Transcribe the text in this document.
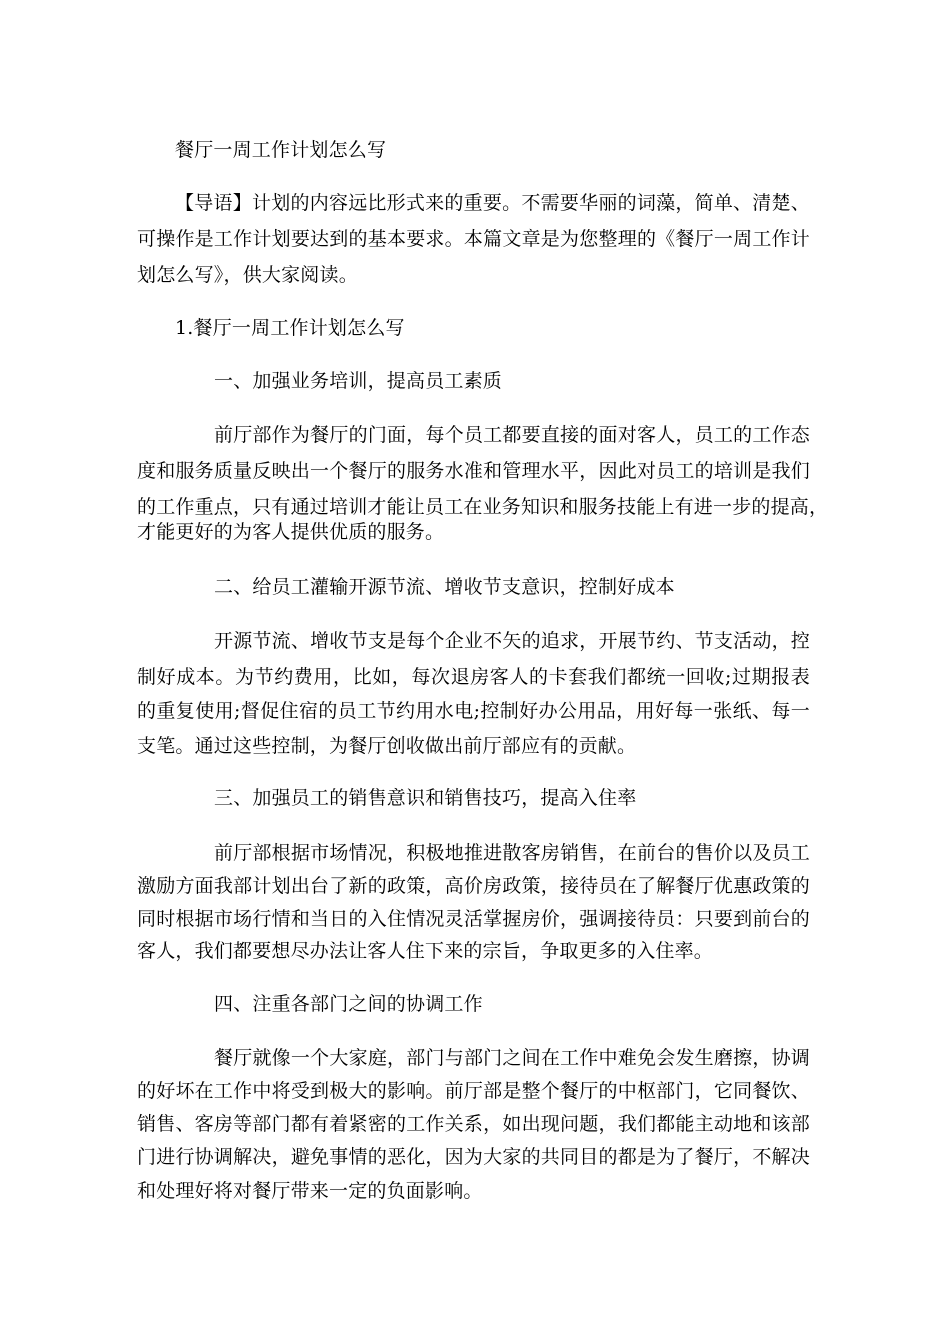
餐厅一周工作计划怎么写
【导语】计划的内容远比形式来的重要。不需要华丽的词藻，简单、清楚、
可操作是工作计划要达到的基本要求。本篇文章是为您整理的《餐厅一周工作计
划怎么写》，供大家阅读。
1.餐厅一周工作计划怎么写
一、加强业务培训，提高员工素质
前厅部作为餐厅的门面，每个员工都要直接的面对客人，员工的工作态
度和服务质量反映出一个餐厅的服务水准和管理水平，因此对员工的培训是我们
的工作重点，只有通过培训才能让员工在业务知识和服务技能上有进一步的提高，
才能更好的为客人提供优质的服务。
二、给员工灌输开源节流、增收节支意识，控制好成本
开源节流、增收节支是每个企业不矢的追求，开展节约、节支活动，控
制好成本。为节约费用，比如，每次退房客人的卡套我们都统一回收;过期报表
的重复使用;督促住宿的员工节约用水电;控制好办公用品，用好每一张纸、每一
支笔。通过这些控制，为餐厅创收做出前厅部应有的贡献。
三、加强员工的销售意识和销售技巧，提高入住率
前厅部根据市场情况，积极地推进散客房销售，在前台的售价以及员工
激励方面我部计划出台了新的政策，高价房政策，接待员在了解餐厅优惠政策的
同时根据市场行情和当日的入住情况灵活掌握房价，强调接待员：只要到前台的
客人，我们都要想尽办法让客人住下来的宗旨，争取更多的入住率。
四、注重各部门之间的协调工作
餐厅就像一个大家庭，部门与部门之间在工作中难免会发生磨擦，协调
的好坏在工作中将受到极大的影响。前厅部是整个餐厅的中枢部门，它同餐饮、
销售、客房等部门都有着紧密的工作关系，如出现问题，我们都能主动地和该部
门进行协调解决，避免事情的恶化，因为大家的共同目的都是为了餐厅，不解决
和处理好将对餐厅带来一定的负面影响。
